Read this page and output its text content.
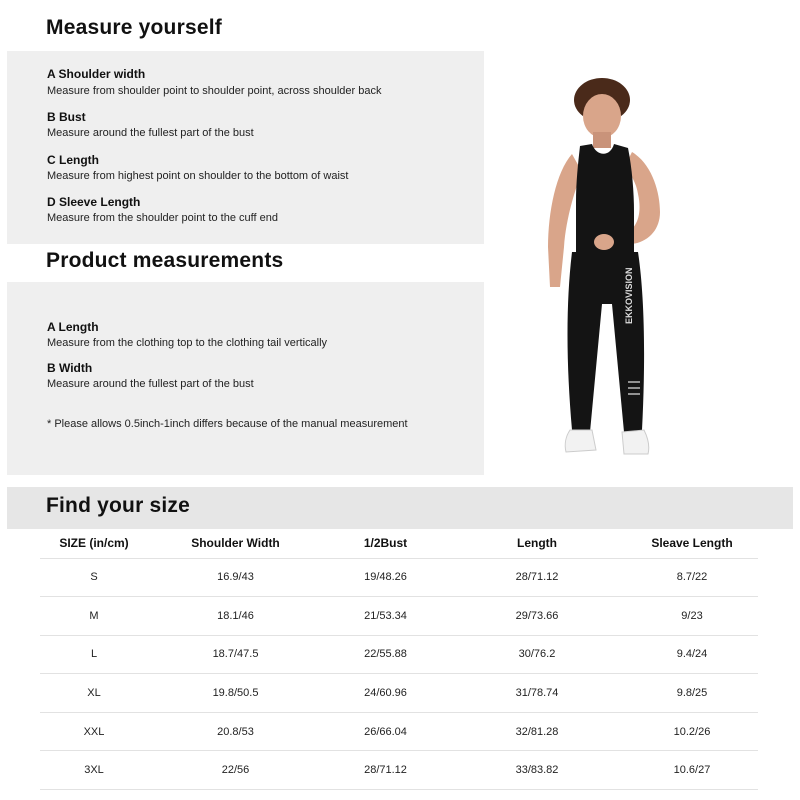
Measure yourself
A Shoulder width
Measure from shoulder point to shoulder point, across shoulder back
B Bust
Measure around the fullest part of the bust
C Length
Measure from highest point on shoulder to the bottom of waist
D Sleeve Length
Measure from the shoulder point to the cuff end
Product measurements
A Length
Measure from the clothing top to the clothing tail vertically
B Width
Measure around the fullest part of the bust
* Please allows 0.5inch-1inch differs because of the manual measurement
EKKOVISION
Find your size
SIZE (in/cm)	Shoulder Width	1/2Bust	Length	Sleave Length
S	16.9/43	19/48.26	28/71.12	8.7/22
M	18.1/46	21/53.34	29/73.66	9/23
L	18.7/47.5	22/55.88	30/76.2	9.4/24
XL	19.8/50.5	24/60.96	31/78.74	9.8/25
XXL	20.8/53	26/66.04	32/81.28	10.2/26
3XL	22/56	28/71.12	33/83.82	10.6/27
